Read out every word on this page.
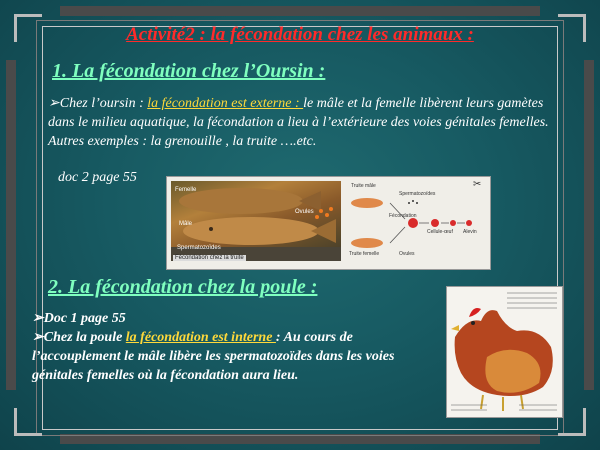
Activité2 : la fécondation chez les animaux :
1. La fécondation chez l’Oursin :
➢Chez l’oursin : la fécondation est externe : le mâle et la femelle libèrent leurs gamètes dans le milieu aquatique, la fécondation a lieu à l’extérieure des voies génitales femelles.
Autres exemples : la grenouille , la truite ….etc.
doc 2 page 55
Femelle
Ovules
Mâle
Spermatozoïdes
Fécondation chez la truite
Truite mâle
Spermatozoïdes
Fécondation
Cellule-œuf Alevin
Truite femelle	Ovules
✂
2. La fécondation chez la poule :
➢Doc 1 page 55
➢Chez la poule la fécondation est interne : Au cours de l’accouplement le mâle libère les spermatozoïdes dans les voies génitales femelles où la fécondation aura lieu.
